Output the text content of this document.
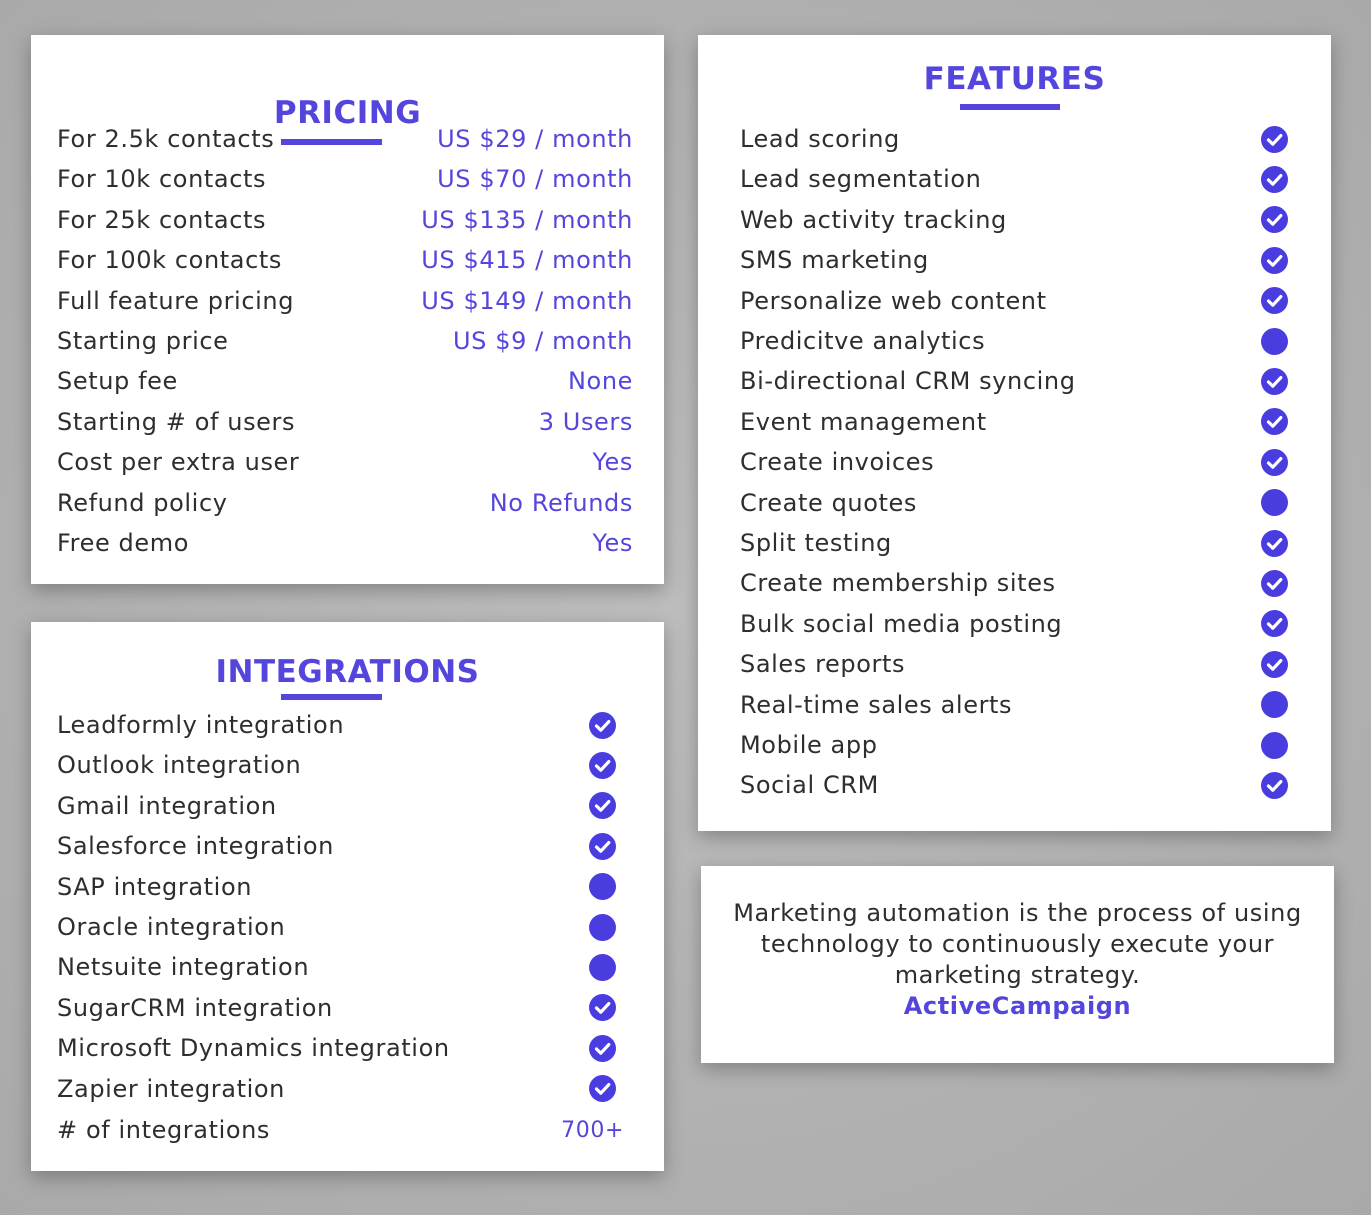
PRICING
For 2.5k contacts	US $29 / month
For 10k contacts	US $70 / month
For 25k contacts	US $135 / month
For 100k contacts	US $415 / month
Full feature pricing	US $149 / month
Starting price	US $9 / month
Setup fee	None
Starting # of users	3 Users
Cost per extra user	Yes
Refund policy	No Refunds
Free demo	Yes
INTEGRATIONS
Leadformly integration
Outlook integration
Gmail integration
Salesforce integration
SAP integration
Oracle integration
Netsuite integration
SugarCRM integration
Microsoft Dynamics integration
Zapier integration
# of integrations	700+
FEATURES
Lead scoring
Lead segmentation
Web activity tracking
SMS marketing
Personalize web content
Predicitve analytics
Bi-directional CRM syncing
Event management
Create invoices
Create quotes
Split testing
Create membership sites
Bulk social media posting
Sales reports
Real-time sales alerts
Mobile app
Social CRM
Marketing automation is the process of using technology to continuously execute your marketing strategy.
ActiveCampaign
